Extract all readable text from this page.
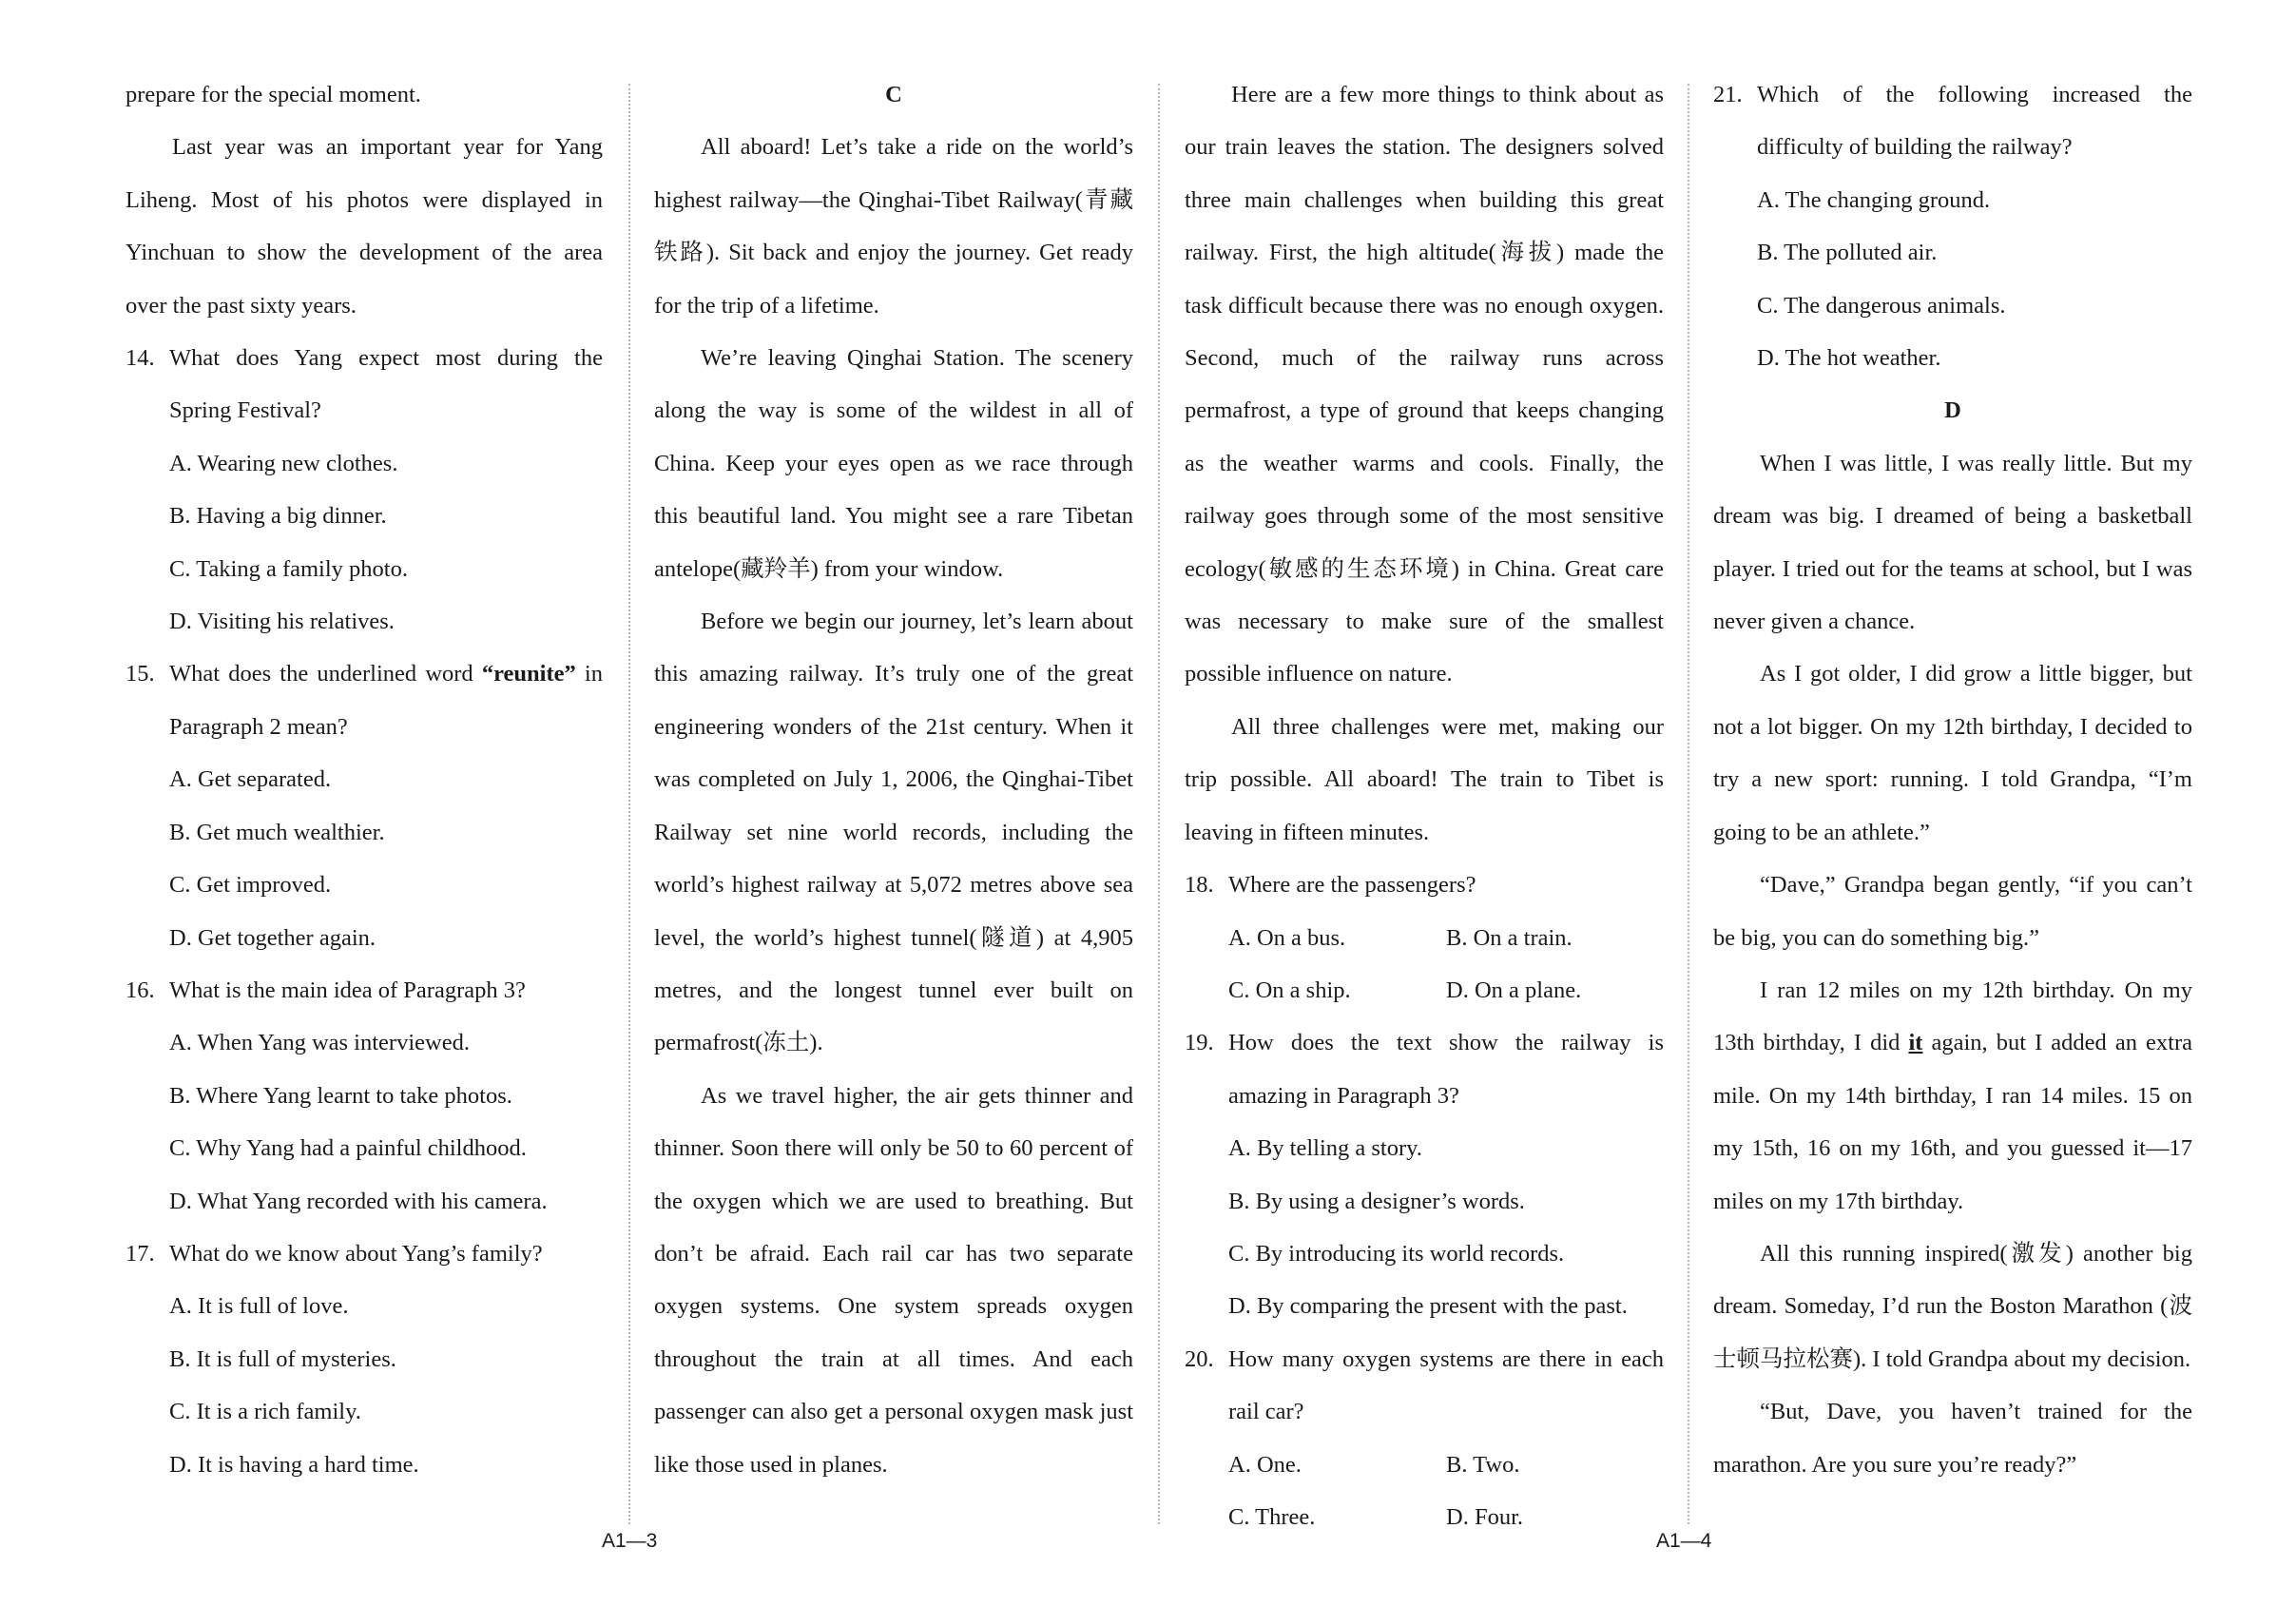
prepare for the special moment.

Last year was an important year for Yang Liheng. Most of his photos were displayed in Yinchuan to show the development of the area over the past sixty years.

14. What does Yang expect most during the Spring Festival?
A. Wearing new clothes.
B. Having a big dinner.
C. Taking a family photo.
D. Visiting his relatives.
15. What does the underlined word “reunite” in Paragraph 2 mean?
A. Get separated.
B. Get much wealthier.
C. Get improved.
D. Get together again.
16. What is the main idea of Paragraph 3?
A. When Yang was interviewed.
B. Where Yang learnt to take photos.
C. Why Yang had a painful childhood.
D. What Yang recorded with his camera.
17. What do we know about Yang’s family?
A. It is full of love.
B. It is full of mysteries.
C. It is a rich family.
D. It is having a hard time.

C

All aboard! Let’s take a ride on the world’s highest railway—the Qinghai-Tibet Railway(青藏铁路). Sit back and enjoy the journey. Get ready for the trip of a lifetime.

We’re leaving Qinghai Station. The scenery along the way is some of the wildest in all of China. Keep your eyes open as we race through this beautiful land. You might see a rare Tibetan antelope(藏羚羊) from your window.

Before we begin our journey, let’s learn about this amazing railway. It’s truly one of the great engineering wonders of the 21st century. When it was completed on July 1, 2006, the Qinghai-Tibet Railway set nine world records, including the world’s highest railway at 5,072 metres above sea level, the world’s highest tunnel(隧道) at 4,905 metres, and the longest tunnel ever built on permafrost(冻土).

As we travel higher, the air gets thinner and thinner. Soon there will only be 50 to 60 percent of the oxygen which we are used to breathing. But don’t be afraid. Each rail car has two separate oxygen systems. One system spreads oxygen throughout the train at all times. And each passenger can also get a personal oxygen mask just like those used in planes.

Here are a few more things to think about as our train leaves the station. The designers solved three main challenges when building this great railway. First, the high altitude(海拔) made the task difficult because there was no enough oxygen. Second, much of the railway runs across permafrost, a type of ground that keeps changing as the weather warms and cools. Finally, the railway goes through some of the most sensitive ecology(敏感的生态环境) in China. Great care was necessary to make sure of the smallest possible influence on nature.

All three challenges were met, making our trip possible. All aboard! The train to Tibet is leaving in fifteen minutes.

18. Where are the passengers?
A. On a bus.	B. On a train.
C. On a ship.	D. On a plane.
19. How does the text show the railway is amazing in Paragraph 3?
A. By telling a story.
B. By using a designer’s words.
C. By introducing its world records.
D. By comparing the present with the past.
20. How many oxygen systems are there in each rail car?
A. One.	B. Two.
C. Three.	D. Four.
21. Which of the following increased the difficulty of building the railway?
A. The changing ground.
B. The polluted air.
C. The dangerous animals.
D. The hot weather.

D

When I was little, I was really little. But my dream was big. I dreamed of being a basketball player. I tried out for the teams at school, but I was never given a chance.

As I got older, I did grow a little bigger, but not a lot bigger. On my 12th birthday, I decided to try a new sport: running. I told Grandpa, “I’m going to be an athlete.”

“Dave,” Grandpa began gently, “if you can’t be big, you can do something big.”

I ran 12 miles on my 12th birthday. On my 13th birthday, I did it again, but I added an extra mile. On my 14th birthday, I ran 14 miles. 15 on my 15th, 16 on my 16th, and you guessed it—17 miles on my 17th birthday.

All this running inspired(激发) another big dream. Someday, I’d run the Boston Marathon (波士顿马拉松赛). I told Grandpa about my decision.

“But, Dave, you haven’t trained for the marathon. Are you sure you’re ready?”

A1—3	A1—4
